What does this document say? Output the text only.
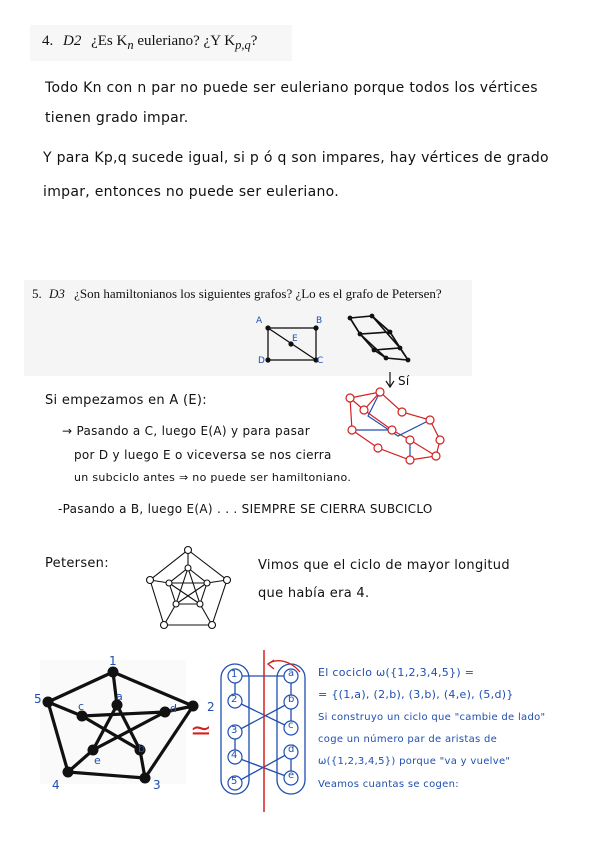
4. D2 ¿Es $K_n$ euleriano? ¿Y $K_{p,q}$?
Todo Kn con n par no puede ser euleriano porque todos los vértices
tienen grado impar.
Y para Kp,q sucede igual, si p ó q son impares, hay vértices de grado
impar, entonces no puede ser euleriano.
5. D3 ¿Son hamiltonianos los siguientes grafos? ¿Lo es el grafo de Petersen?
A	B
C
D
E
Sí
Si empezamos en A (E):
→ Pasando a C, luego E(A) y para pasar
por D y luego E o viceversa se nos cierra
un subciclo antes ⇒ no puede ser hamiltoniano.
-Pasando a B, luego E(A) . . . SIEMPRE SE CIERRA SUBCICLO
Petersen:	Vimos que el ciclo de mayor longitud
que había era 4.
1
2
3
4
5	a
b
c	d
e
≃
1
2
3
4
5
a
b
c
d
e
El cociclo ω({1,2,3,4,5}) =
= {(1,a), (2,b), (3,b), (4,e), (5,d)}
Si construyo un ciclo que "cambie de lado"
coge un número par de aristas de
ω({1,2,3,4,5}) porque "va y vuelve"
Veamos cuantas se cogen:
